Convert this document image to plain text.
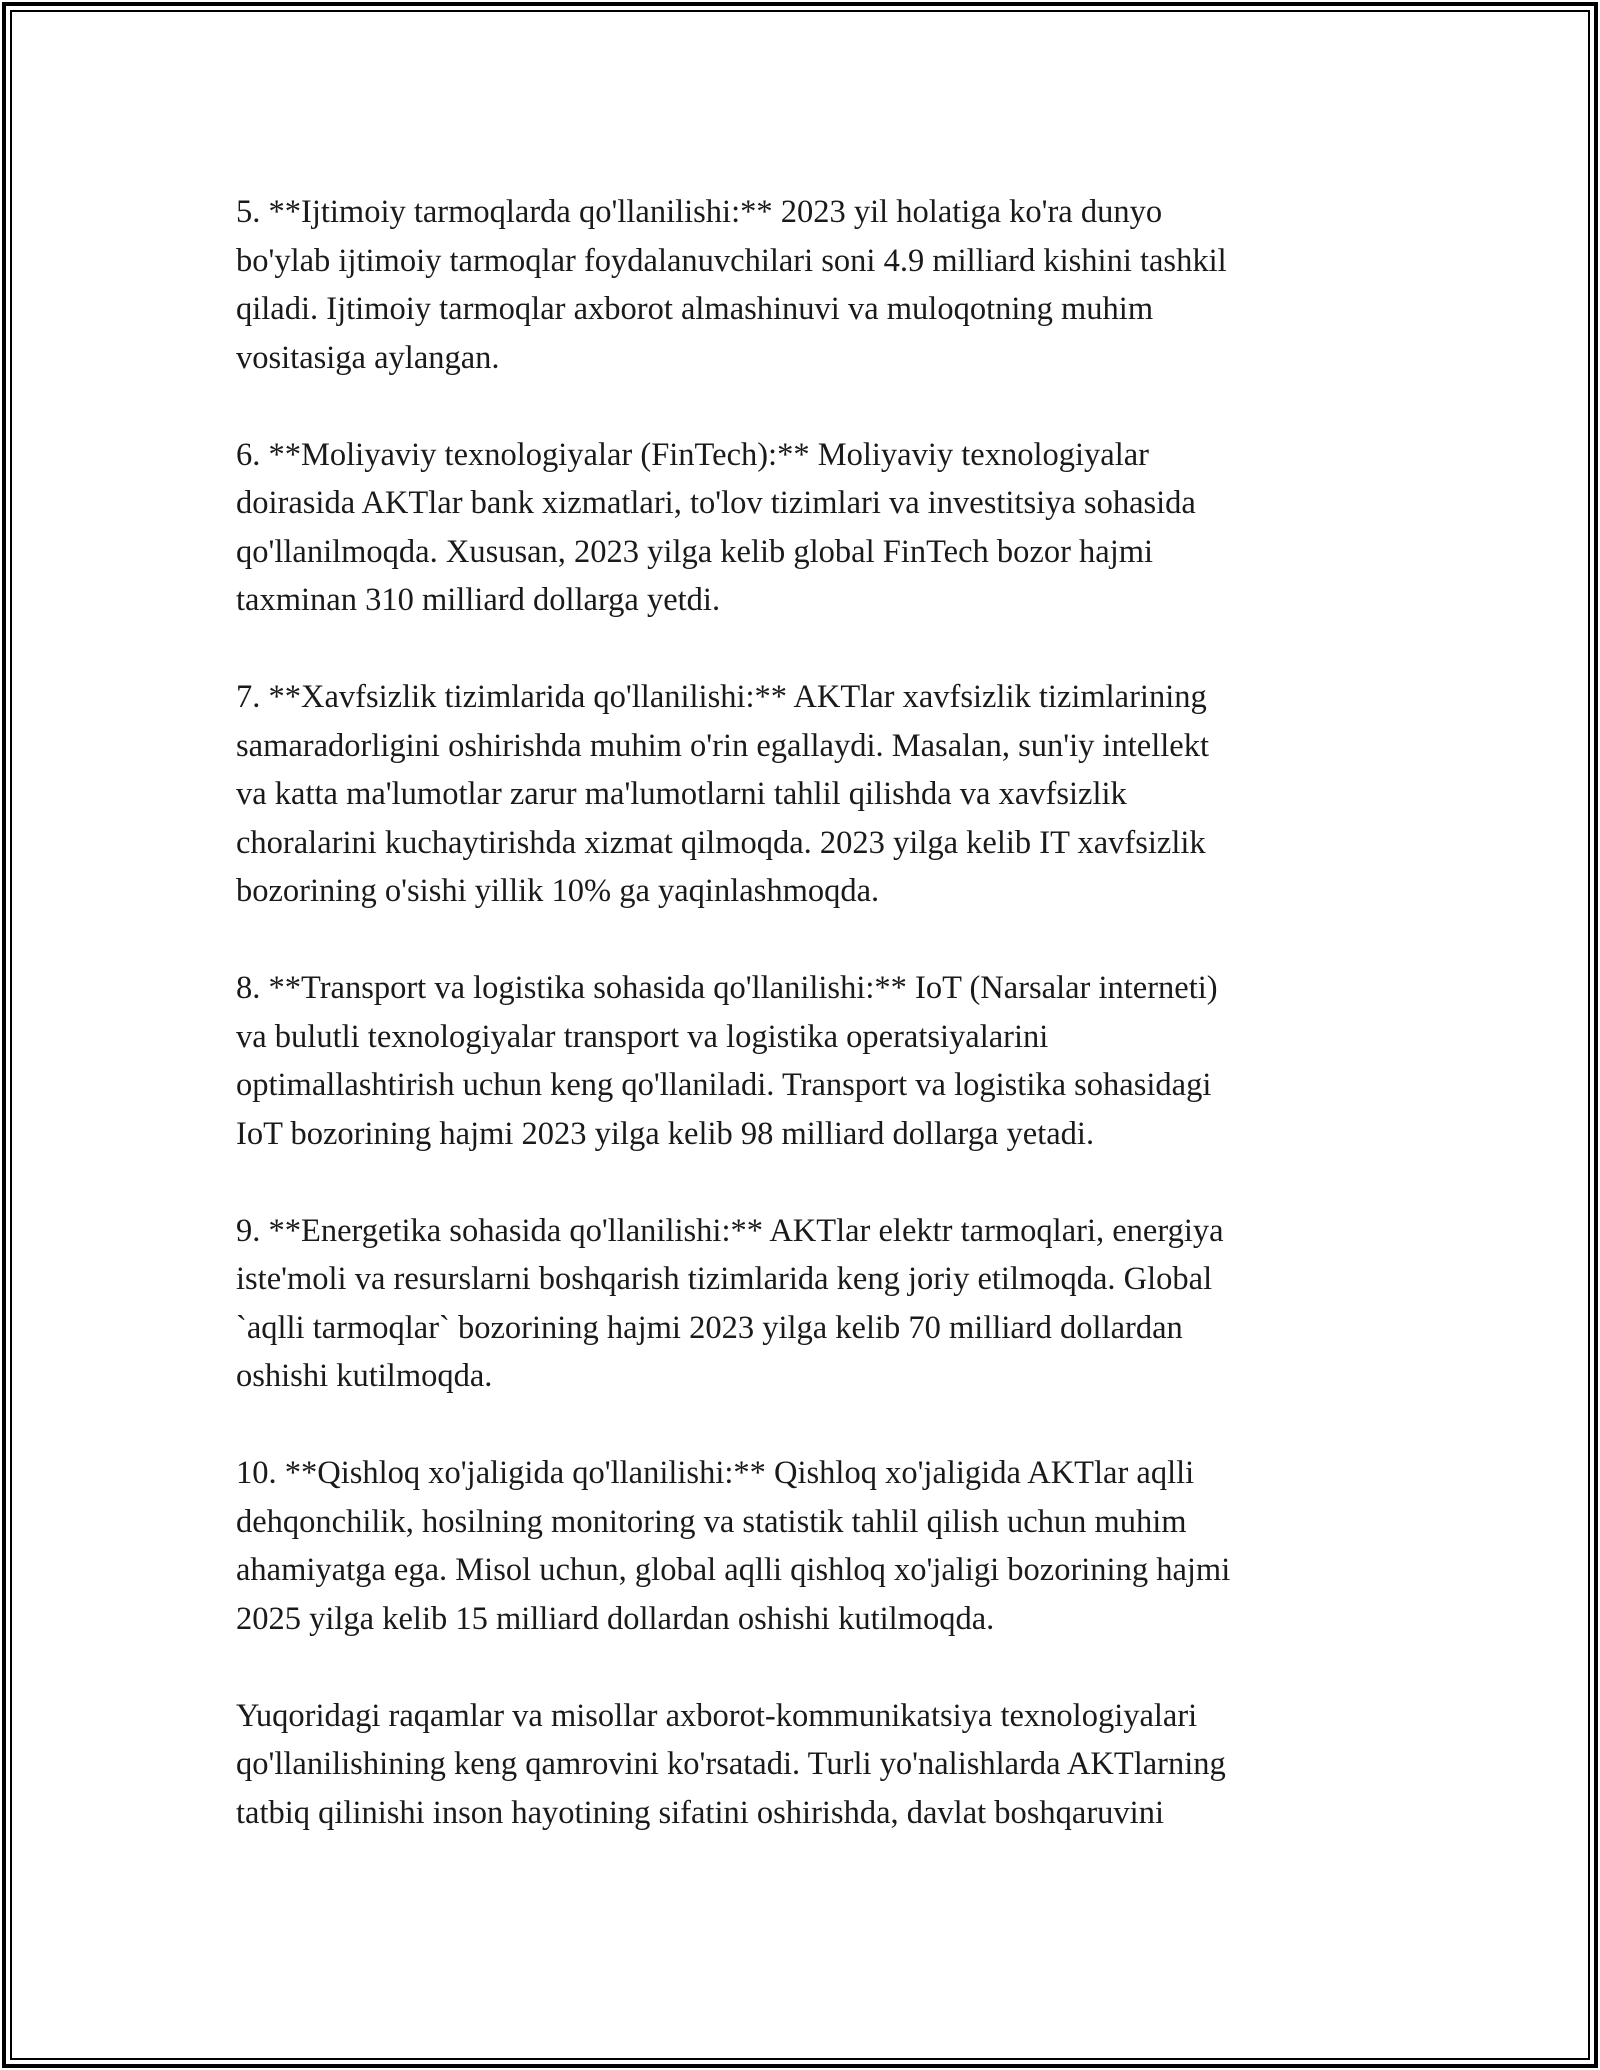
5. **Ijtimoiy tarmoqlarda qo'llanilishi:** 2023 yil holatiga ko'ra dunyo
bo'ylab ijtimoiy tarmoqlar foydalanuvchilari soni 4.9 milliard kishini tashkil
qiladi. Ijtimoiy tarmoqlar axborot almashinuvi va muloqotning muhim
vositasiga aylangan.

6. **Moliyaviy texnologiyalar (FinTech):** Moliyaviy texnologiyalar
doirasida AKTlar bank xizmatlari, to'lov tizimlari va investitsiya sohasida
qo'llanilmoqda. Xususan, 2023 yilga kelib global FinTech bozor hajmi
taxminan 310 milliard dollarga yetdi.

7. **Xavfsizlik tizimlarida qo'llanilishi:** AKTlar xavfsizlik tizimlarining
samaradorligini oshirishda muhim o'rin egallaydi. Masalan, sun'iy intellekt
va katta ma'lumotlar zarur ma'lumotlarni tahlil qilishda va xavfsizlik
choralarini kuchaytirishda xizmat qilmoqda. 2023 yilga kelib IT xavfsizlik
bozorining o'sishi yillik 10% ga yaqinlashmoqda.

8. **Transport va logistika sohasida qo'llanilishi:** IoT (Narsalar interneti)
va bulutli texnologiyalar transport va logistika operatsiyalarini
optimallashtirish uchun keng qo'llaniladi. Transport va logistika sohasidagi
IoT bozorining hajmi 2023 yilga kelib 98 milliard dollarga yetadi.

9. **Energetika sohasida qo'llanilishi:** AKTlar elektr tarmoqlari, energiya
iste'moli va resurslarni boshqarish tizimlarida keng joriy etilmoqda. Global
`aqlli tarmoqlar` bozorining hajmi 2023 yilga kelib 70 milliard dollardan
oshishi kutilmoqda.

10. **Qishloq xo'jaligida qo'llanilishi:** Qishloq xo'jaligida AKTlar aqlli
dehqonchilik, hosilning monitoring va statistik tahlil qilish uchun muhim
ahamiyatga ega. Misol uchun, global aqlli qishloq xo'jaligi bozorining hajmi
2025 yilga kelib 15 milliard dollardan oshishi kutilmoqda.

Yuqoridagi raqamlar va misollar axborot-kommunikatsiya texnologiyalari
qo'llanilishining keng qamrovini ko'rsatadi. Turli yo'nalishlarda AKTlarning
tatbiq qilinishi inson hayotining sifatini oshirishda, davlat boshqaruvini
